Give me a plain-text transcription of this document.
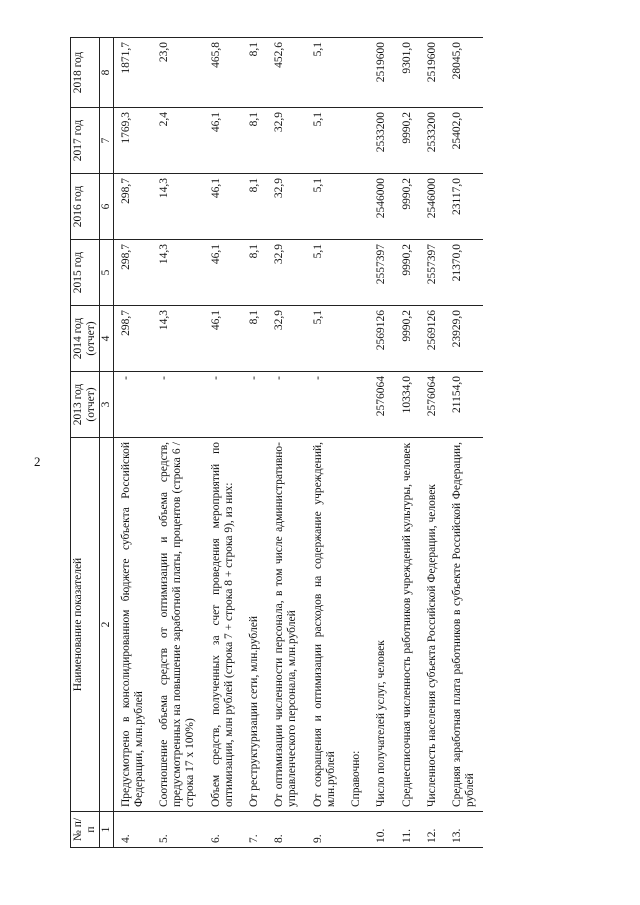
2
№ п/п	Наименование показателей	2013 год (отчет)	2014 год (отчет)	2015 год	2016 год	2017 год	2018 год
1	2	3	4	5	6	7	8
4.	Предусмотрено в консолидированном бюджете субъекта Российской Федерации, млн.рублей	-	298,7	298,7	298,7	1769,3	1871,7
5.	Соотношение объема средств от оптимизации и объема средств, предусмотренных на повышение заработной платы, процентов (строка 6 / строка 17 х 100%)	-	14,3	14,3	14,3	2,4	23,0
6.	Объем средств, полученных за счет проведения мероприятий по оптимизации, млн рублей (строка 7 + строка 8 + строка 9), из них:	-	46,1	46,1	46,1	46,1	465,8
7.	От реструктуризации сети, млн.рублей	-	8,1	8,1	8,1	8,1	8,1
8.	От оптимизации численности персонала, в том числе административно-управленческого персонала, млн.рублей	-	32,9	32,9	32,9	32,9	452,6
9.	От сокращения и оптимизации расходов на содержание учреждений, млн.рублей	-	5,1	5,1	5,1	5,1	5,1
	Справочно:						
10.	Число получателей услуг, человек	2576064	2569126	2557397	2546000	2533200	2519600
11.	Среднесписочная численность работников учреждений культуры, человек	10334,0	9990,2	9990,2	9990,2	9990,2	9301,0
12.	Численность населения субъекта Российской Федерации, человек	2576064	2569126	2557397	2546000	2533200	2519600
13.	Средняя заработная плата работников в субъекте Российской Федерации, рублей	21154,0	23929,0	21370,0	23117,0	25402,0	28045,0
